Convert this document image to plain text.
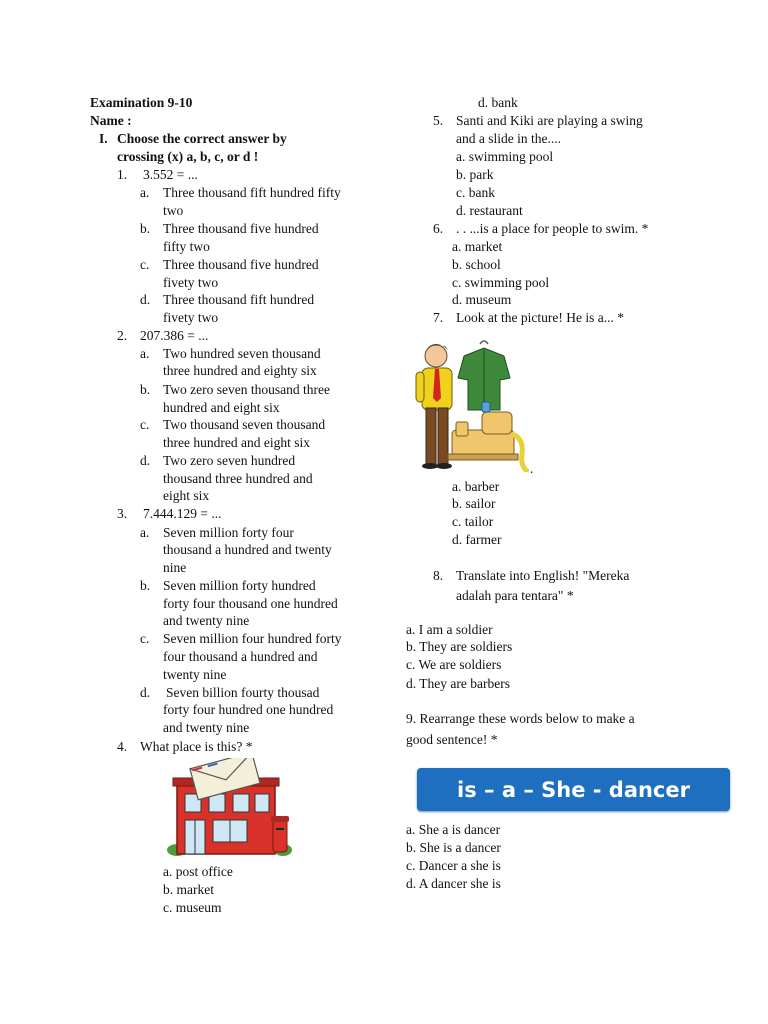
Examination 9-10
Name :
I. Choose the correct answer by
crossing (x) a, b, c, or d !
1. 3.552 = ...
a. Three thousand fift hundred fifty
two
b. Three thousand five hundred
fifty two
c. Three thousand five hundred
fivety two
d. Three thousand fift hundred
fivety two
2. 207.386 = ...
a. Two hundred seven thousand
three hundred and eighty six
b. Two zero seven thousand three
hundred and eight six
c. Two thousand seven thousand
three hundred and eight six
d. Two zero seven hundred
thousand three hundred and
eight six
3. 7.444.129 = ...
a. Seven million forty four
thousand a hundred and twenty
nine
b. Seven million forty hundred
forty four thousand one hundred
and twenty nine
c. Seven million four hundred forty
four thousand a hundred and
twenty nine
d. Seven billion fourty thousad
forty four hundred one hundred
and twenty nine
4. What place is this? *
a. post office
b. market
c. museum
d. bank
5. Santi and Kiki are playing a swing
and a slide in the....
a. swimming pool
b. park
c. bank
d. restaurant
6. . . ...is a place for people to swim. *
a. market
b. school
c. swimming pool
d. museum
7. Look at the picture! He is a... *
.
a. barber
b. sailor
c. tailor
d. farmer
8. Translate into English! "Mereka
adalah para tentara" *
a. I am a soldier
b. They are soldiers
c. We are soldiers
d. They are barbers
9. Rearrange these words below to make a
good sentence! *
is – a – She - dancer
a. She a is dancer
b. She is a dancer
c. Dancer a she is
d. A dancer she is
